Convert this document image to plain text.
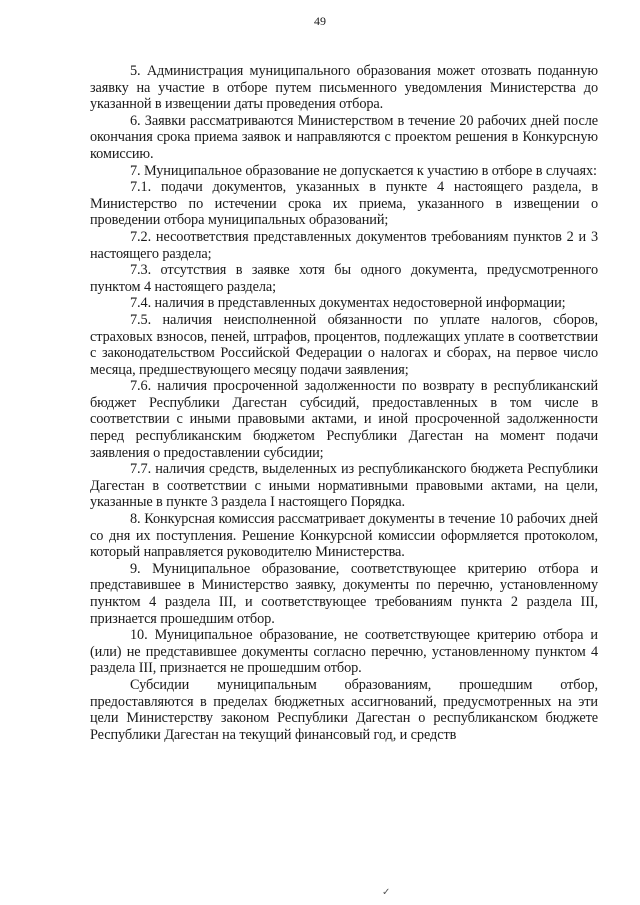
49

5. Администрация муниципального образования может отозвать поданную заявку на участие в отборе путем письменного уведомления Министерства до указанной в извещении даты проведения отбора.

6. Заявки рассматриваются Министерством в течение 20 рабочих дней после окончания срока приема заявок и направляются с проектом решения в Конкурсную комиссию.

7. Муниципальное образование не допускается к участию в отборе в случаях:

7.1. подачи документов, указанных в пункте 4 настоящего раздела, в Министерство по истечении срока их приема, указанного в извещении о проведении отбора муниципальных образований;

7.2. несоответствия представленных документов требованиям пунктов 2 и 3 настоящего раздела;

7.3. отсутствия в заявке хотя бы одного документа, предусмотренного пунктом 4 настоящего раздела;

7.4. наличия в представленных документах недостоверной информации;

7.5. наличия неисполненной обязанности по уплате налогов, сборов, страховых взносов, пеней, штрафов, процентов, подлежащих уплате в соответствии с законодательством Российской Федерации о налогах и сборах, на первое число месяца, предшествующего месяцу подачи заявления;

7.6. наличия просроченной задолженности по возврату в республиканский бюджет Республики Дагестан субсидий, предоставленных в том числе в соответствии с иными правовыми актами, и иной просроченной задолженности перед республиканским бюджетом Республики Дагестан на момент подачи заявления о предоставлении субсидии;

7.7. наличия средств, выделенных из республиканского бюджета Республики Дагестан в соответствии с иными нормативными правовыми актами, на цели, указанные в пункте 3 раздела I настоящего Порядка.

8. Конкурсная комиссия рассматривает документы в течение 10 рабочих дней со дня их поступления. Решение Конкурсной комиссии оформляется протоколом, который направляется руководителю Министерства.

9. Муниципальное образование, соответствующее критерию отбора и представившее в Министерство заявку, документы по перечню, установленному пунктом 4 раздела III, и соответствующее требованиям пункта 2 раздела III, признается прошедшим отбор.

10. Муниципальное образование, не соответствующее критерию отбора и (или) не представившее документы согласно перечню, установленному пунктом 4 раздела III, признается не прошедшим отбор.

Субсидии муниципальным образованиям, прошедшим отбор, предоставляются в пределах бюджетных ассигнований, предусмотренных на эти цели Министерству законом Республики Дагестан о республиканском бюджете Республики Дагестан на текущий финансовый год, и средств

✓
